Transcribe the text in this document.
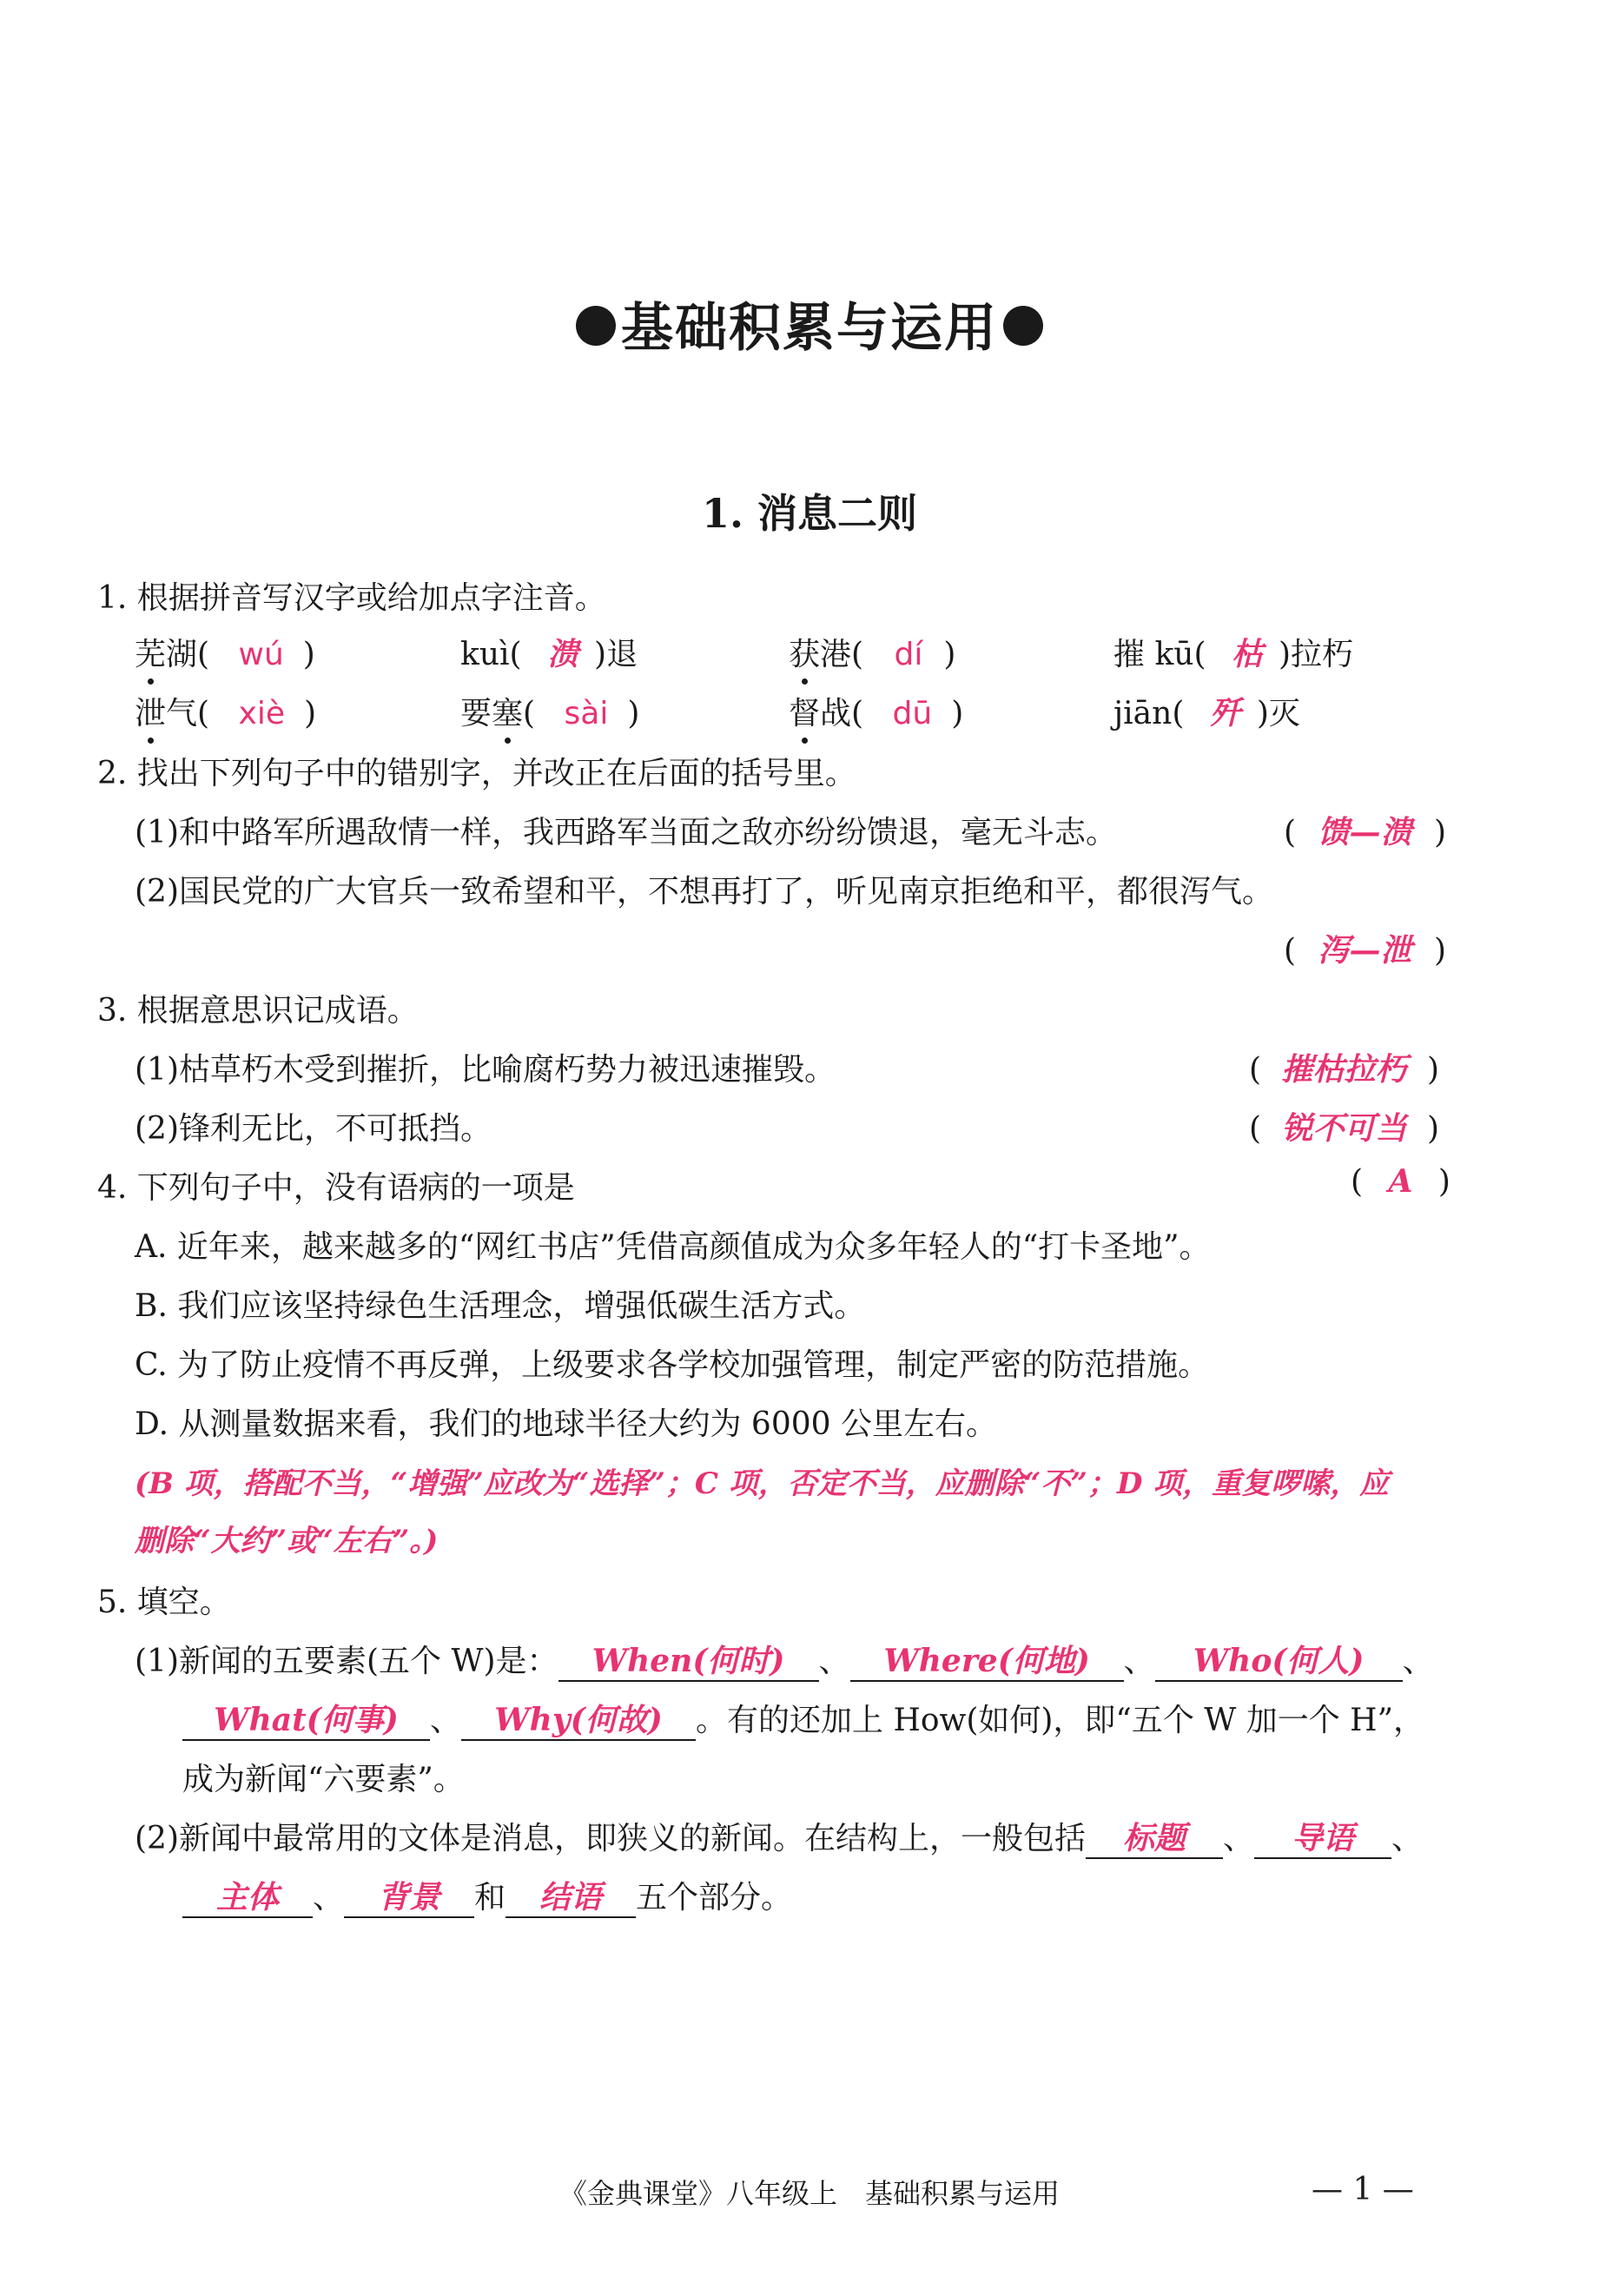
基础积累与运用
1. 消息二则
1. 根据拼音写汉字或给加点字注音。
芜湖( wú )	kuì( 溃 )退	获港( dí )	摧 kū( 枯 )拉朽
泄气( xiè )	要塞( sài )	督战( dū )	jiān( 歼 )灭
2. 找出下列句子中的错别字，并改正在后面的括号里。
(1)和中路军所遇敌情一样，我西路军当面之敌亦纷纷馈退，毫无斗志。	( 馈—溃 )
(2)国民党的广大官兵一致希望和平，不想再打了，听见南京拒绝和平，都很泻气。
( 泻—泄 )
3. 根据意思识记成语。
(1)枯草朽木受到摧折，比喻腐朽势力被迅速摧毁。	( 摧枯拉朽 )
(2)锋利无比，不可抵挡。	( 锐不可当 )
4. 下列句子中，没有语病的一项是	( A )
A. 近年来，越来越多的“网红书店”凭借高颜值成为众多年轻人的“打卡圣地”。
B. 我们应该坚持绿色生活理念，增强低碳生活方式。
C. 为了防止疫情不再反弹，上级要求各学校加强管理，制定严密的防范措施。
D. 从测量数据来看，我们的地球半径大约为 6000 公里左右。
(B 项，搭配不当，“增强”应改为“选择”；C 项，否定不当，应删除“不”；D 项，重复啰嗦，应
删除“大约”或“左右”。)
5. 填空。
(1)新闻的五要素(五个 W)是： When(何时) 、 Where(何地) 、 Who(何人) 、
What(何事) 、 Why(何故) 。有的还加上 How(如何)，即“五个 W 加一个 H”，
成为新闻“六要素”。
(2)新闻中最常用的文体是消息，即狭义的新闻。在结构上，一般包括 标题 、 导语 、
主体 、 背景 和 结语 五个部分。
《金典课堂》八年级上　基础积累与运用	— 1 —
